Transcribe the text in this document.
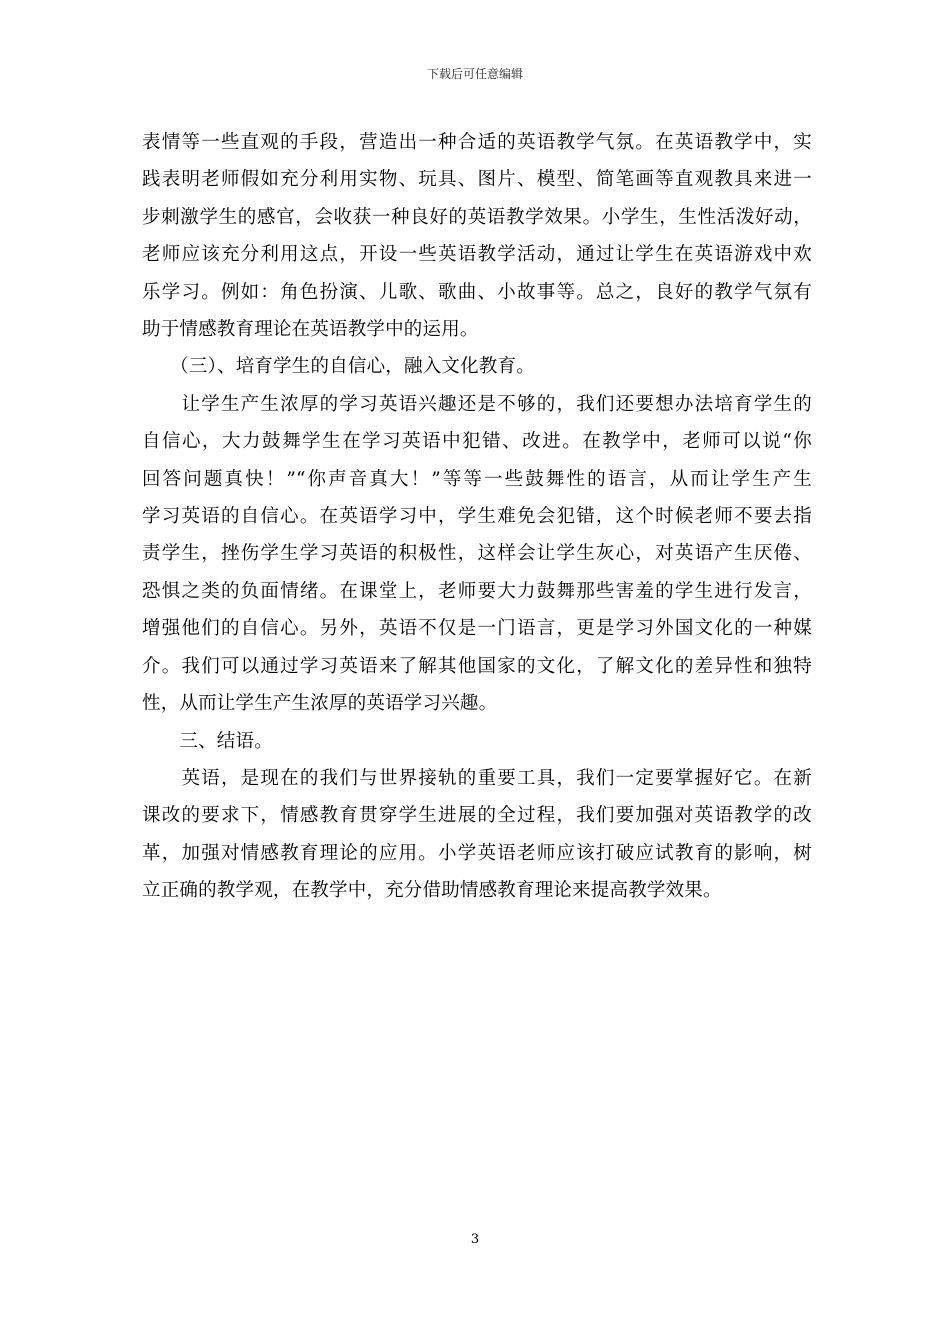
下载后可任意编辑
表情等一些直观的手段，营造出一种合适的英语教学气氛。在英语教学中，实
践表明老师假如充分利用实物、玩具、图片、模型、简笔画等直观教具来进一
步刺激学生的感官，会收获一种良好的英语教学效果。小学生，生性活泼好动，
老师应该充分利用这点，开设一些英语教学活动，通过让学生在英语游戏中欢
乐学习。例如：角色扮演、儿歌、歌曲、小故事等。总之，良好的教学气氛有
助于情感教育理论在英语教学中的运用。
　　（三）、培育学生的自信心，融入文化教育。
　　让学生产生浓厚的学习英语兴趣还是不够的，我们还要想办法培育学生的
自信心，大力鼓舞学生在学习英语中犯错、改进。在教学中，老师可以说“你
回答问题真快！”“你声音真大！”等等一些鼓舞性的语言，从而让学生产生
学习英语的自信心。在英语学习中，学生难免会犯错，这个时候老师不要去指
责学生，挫伤学生学习英语的积极性，这样会让学生灰心，对英语产生厌倦、
恐惧之类的负面情绪。在课堂上，老师要大力鼓舞那些害羞的学生进行发言，
增强他们的自信心。另外，英语不仅是一门语言，更是学习外国文化的一种媒
介。我们可以通过学习英语来了解其他国家的文化，了解文化的差异性和独特
性，从而让学生产生浓厚的英语学习兴趣。
　　三、结语。
　　英语，是现在的我们与世界接轨的重要工具，我们一定要掌握好它。在新
课改的要求下，情感教育贯穿学生进展的全过程，我们要加强对英语教学的改
革，加强对情感教育理论的应用。小学英语老师应该打破应试教育的影响，树
立正确的教学观，在教学中，充分借助情感教育理论来提高教学效果。
3
